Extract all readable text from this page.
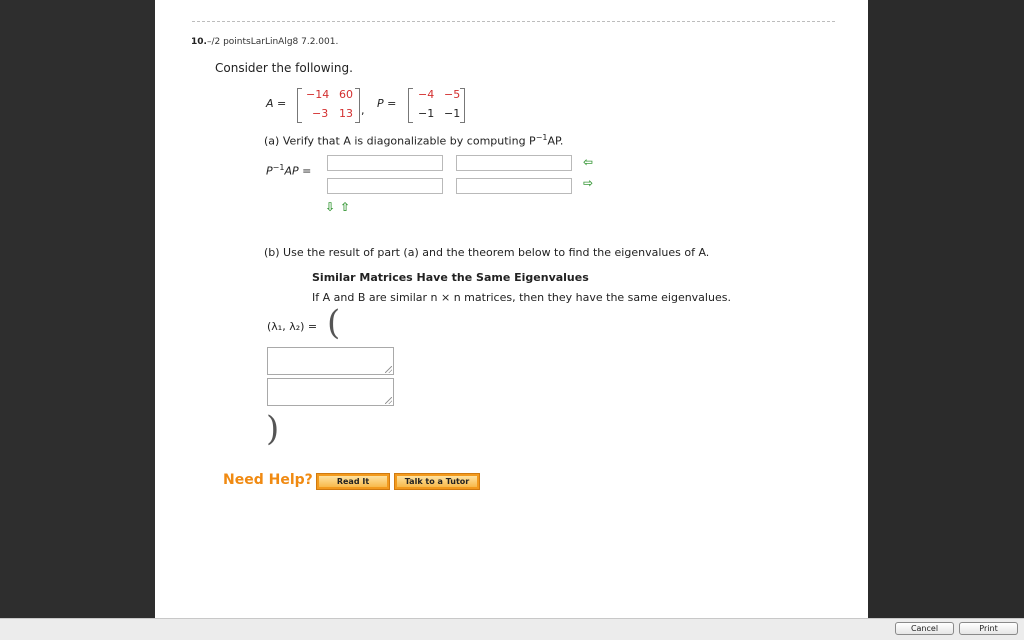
10.–/2 pointsLarLinAlg8 7.2.001.
Consider the following.
A =
−14 60
−3 13 ,
P =
−4 −5
−1 −1
(a) Verify that A is diagonalizable by computing $P^{-1}AP$.
$P^{-1}AP$ =
⇦
⇨
⇩ ⇧
(b) Use the result of part (a) and the theorem below to find the eigenvalues of A.
Similar Matrices Have the Same Eigenvalues
If A and B are similar n × n matrices, then they have the same eigenvalues.
(λ₁, λ₂) = (
)
Need Help?	Read It	Talk to a Tutor
Cancel	Print
